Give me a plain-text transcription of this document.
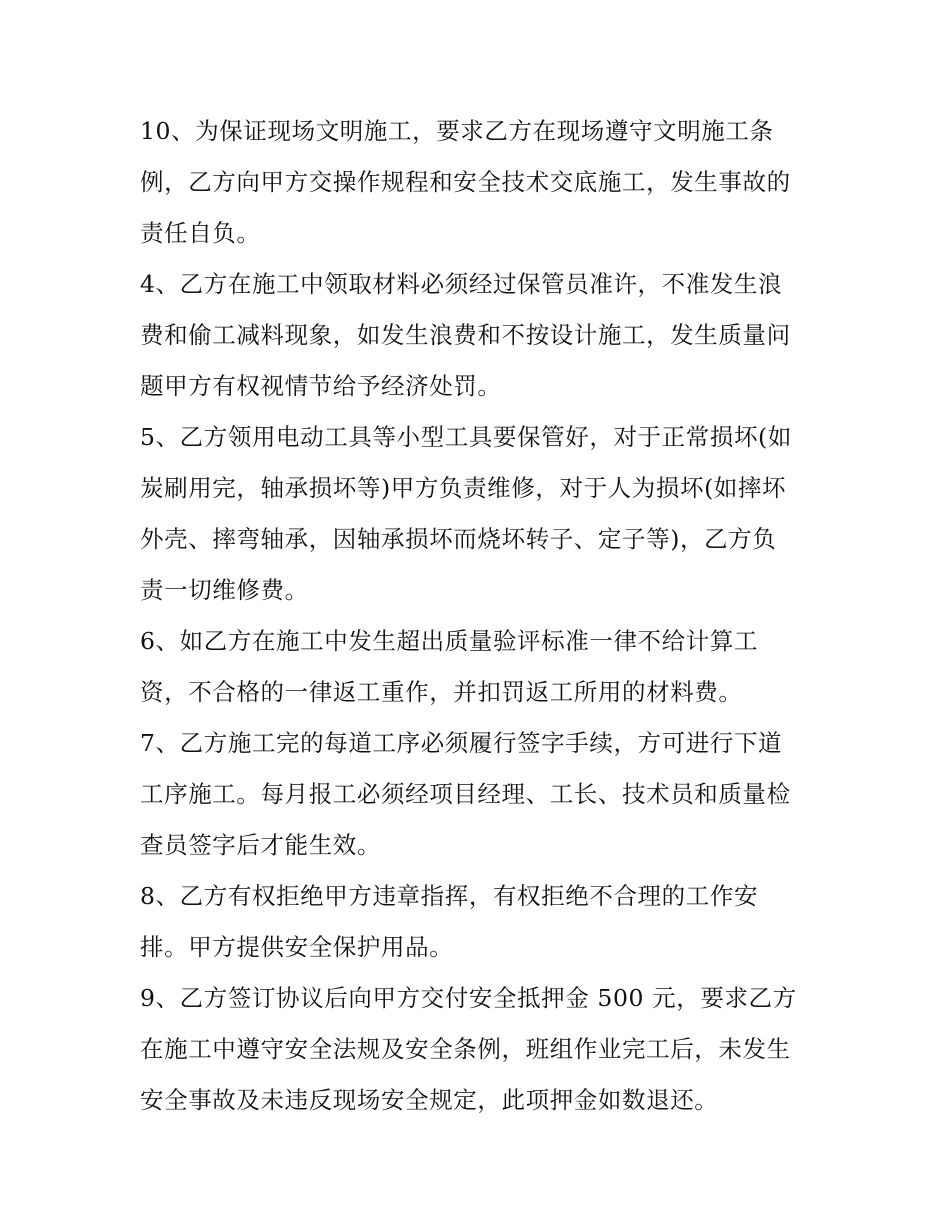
10、为保证现场文明施工，要求乙方在现场遵守文明施工条
例，乙方向甲方交操作规程和安全技术交底施工，发生事故的
责任自负。
4、乙方在施工中领取材料必须经过保管员准许，不准发生浪
费和偷工减料现象，如发生浪费和不按设计施工，发生质量问
题甲方有权视情节给予经济处罚。
5、乙方领用电动工具等小型工具要保管好，对于正常损坏(如
炭刷用完，轴承损坏等)甲方负责维修，对于人为损坏(如摔坏
外壳、摔弯轴承，因轴承损坏而烧坏转子、定子等)，乙方负
责一切维修费。
6、如乙方在施工中发生超出质量验评标准一律不给计算工
资，不合格的一律返工重作，并扣罚返工所用的材料费。
7、乙方施工完的每道工序必须履行签字手续，方可进行下道
工序施工。每月报工必须经项目经理、工长、技术员和质量检
查员签字后才能生效。
8、乙方有权拒绝甲方违章指挥，有权拒绝不合理的工作安
排。甲方提供安全保护用品。
9、乙方签订协议后向甲方交付安全抵押金 500 元，要求乙方
在施工中遵守安全法规及安全条例，班组作业完工后，未发生
安全事故及未违反现场安全规定，此项押金如数退还。
